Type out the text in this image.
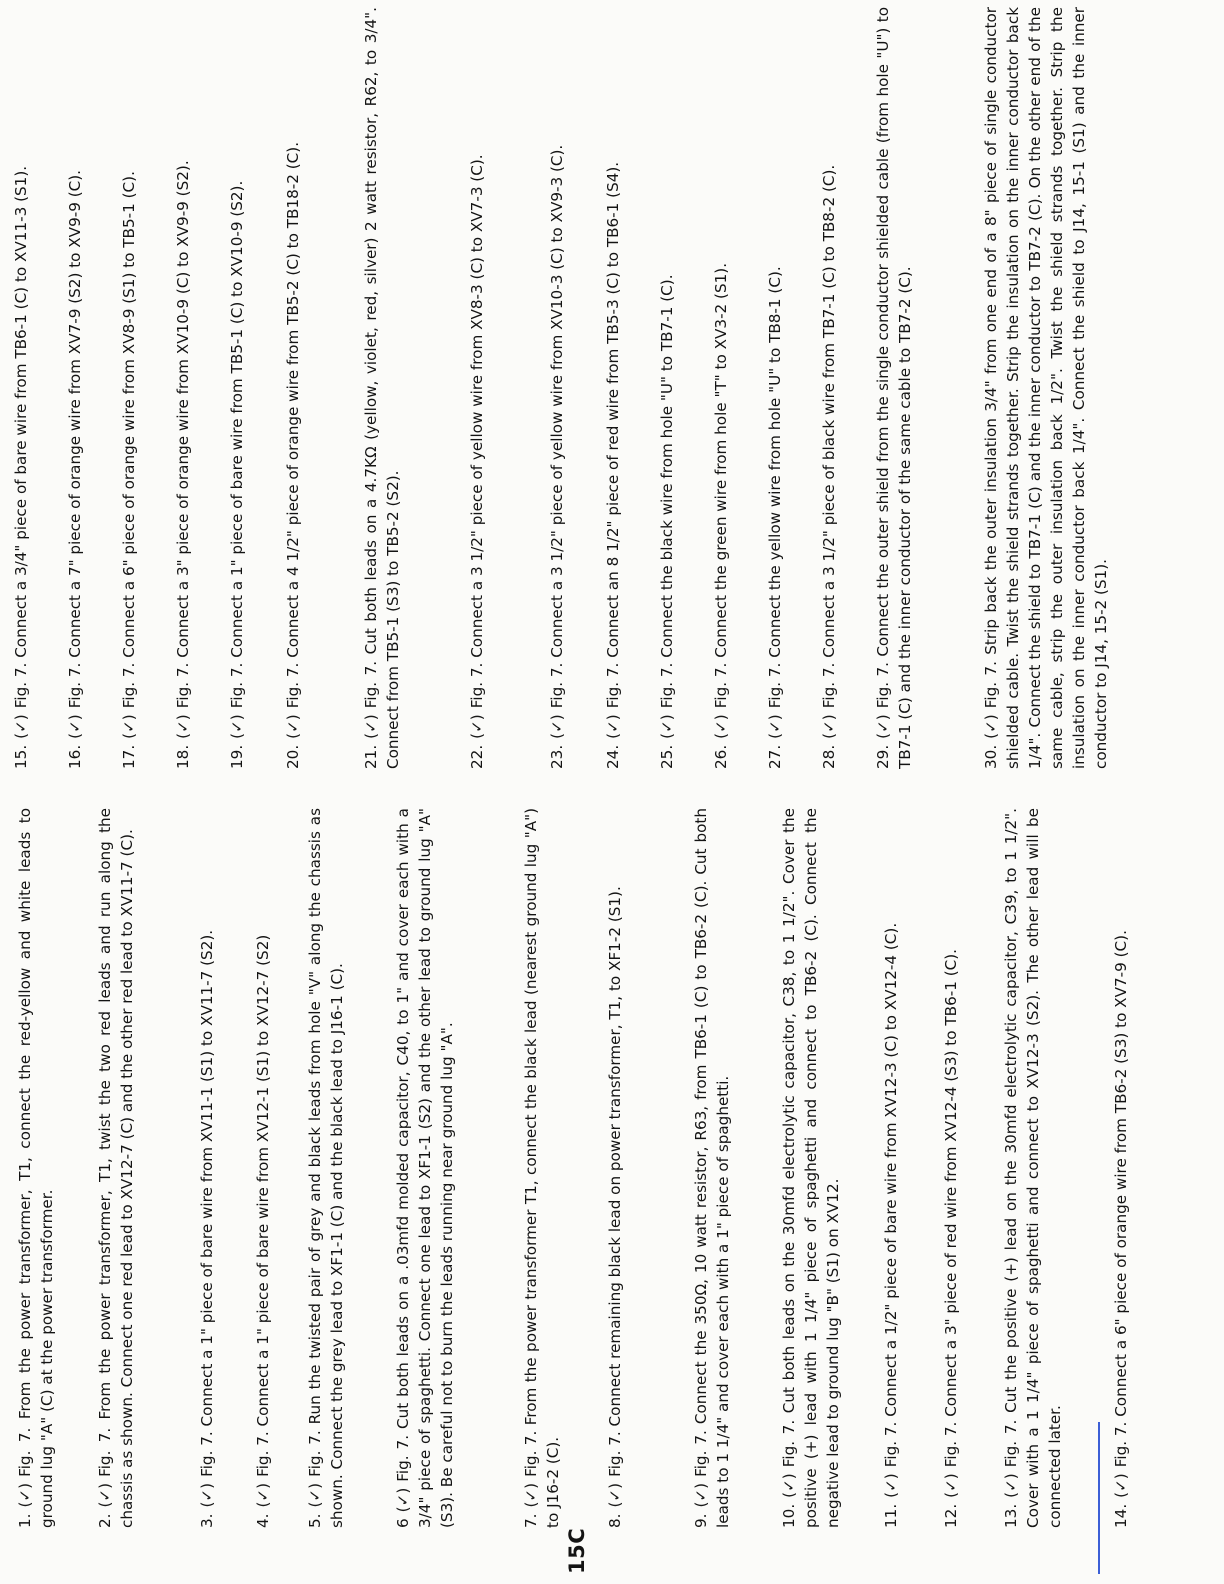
1.(✓)Fig. 7. From the power transformer, T1, connect the red-yellow and white leads to ground lug "A" (C) at the power transformer.	2.(✓)Fig. 7. From the power transformer, T1, twist the two red leads and run along the chassis as shown. Connect one red lead to XV12-7 (C) and the other red lead to XV11-7 (C).	3.(✓)Fig. 7. Connect a 1" piece of bare wire from XV11-1 (S1) to XV11-7 (S2).
4.(✓)Fig. 7. Connect a 1" piece of bare wire from XV12-1 (S1) to XV12-7 (S2)
5.(✓)Fig. 7. Run the twisted pair of grey and black leads from hole "V" along the chassis as shown. Connect the grey lead to XF1-1 (C) and the black lead to J16-1 (C).	6(✓)Fig. 7. Cut both leads on a .03mfd molded capacitor, C40, to 1" and cover each with a 3/4" piece of spaghetti. Connect one lead to XF1-1 (S2) and the other lead to ground lug "A" (S3). Be careful not to burn the leads running near ground lug "A".	7.(✓)Fig. 7. From the power transformer T1, connect the black lead (nearest ground lug "A") to J16-2 (C).	8.(✓)Fig. 7. Connect remaining black lead on power transformer, T1, to XF1-2 (S1).
9.(✓)Fig. 7. Connect the 350Ω, 10 watt resistor, R63, from TB6-1 (C) to TB6-2 (C). Cut both leads to 1 1/4" and cover each with a 1" piece of spaghetti.	10.(✓)Fig. 7. Cut both leads on the 30mfd electrolytic capacitor, C38, to 1 1/2". Cover the positive (+) lead with 1 1/4" piece of spaghetti and connect to TB6-2 (C). Connect the negative lead to ground lug "B" (S1) on XV12.	11.(✓)Fig. 7. Connect a 1/2" piece of bare wire from XV12-3 (C) to XV12-4 (C).
12.(✓)Fig. 7. Connect a 3" piece of red wire from XV12-4 (S3) to TB6-1 (C).
13.(✓)Fig. 7. Cut the positive (+) lead on the 30mfd electrolytic capacitor, C39, to 1 1/2". Cover with a 1 1/4" piece of spaghetti and connect to XV12-3 (S2). The other lead will be connected later.	14.(✓)Fig. 7. Connect a 6" piece of orange wire from TB6-2 (S3) to XV7-9 (C).
15C
15.(✓)Fig. 7. Connect a 3/4" piece of bare wire from TB6-1 (C) to XV11-3 (S1).
16.(✓)Fig. 7. Connect a 7" piece of orange wire from XV7-9 (S2) to XV9-9 (C).
17.(✓)Fig. 7. Connect a 6" piece of orange wire from XV8-9 (S1) to TB5-1 (C).
18.(✓)Fig. 7. Connect a 3" piece of orange wire from XV10-9 (C) to XV9-9 (S2).
19.(✓)Fig. 7. Connect a 1" piece of bare wire from TB5-1 (C) to XV10-9 (S2).
20.(✓)Fig. 7. Connect a 4 1/2" piece of orange wire from TB5-2 (C) to TB18-2 (C).
21.(✓)Fig. 7. Cut both leads on a 4.7KΩ (yellow, violet, red, silver) 2 watt resistor, R62, to 3/4". Connect from TB5-1 (S3) to TB5-2 (S2).	22.(✓)Fig. 7. Connect a 3 1/2" piece of yellow wire from XV8-3 (C) to XV7-3 (C).
23.(✓)Fig. 7. Connect a 3 1/2" piece of yellow wire from XV10-3 (C) to XV9-3 (C).
24.(✓)Fig. 7. Connect an 8 1/2" piece of red wire from TB5-3 (C) to TB6-1 (S4).
25.(✓)Fig. 7. Connect the black wire from hole "U" to TB7-1 (C).
26.(✓)Fig. 7. Connect the green wire from hole "T" to XV3-2 (S1).
27.(✓)Fig. 7. Connect the yellow wire from hole "U" to TB8-1 (C).
28.(✓)Fig. 7. Connect a 3 1/2" piece of black wire from TB7-1 (C) to TB8-2 (C).
29.(✓)Fig. 7. Connect the outer shield from the single conductor shielded cable (from hole "U") to TB7-1 (C) and the inner conductor of the same cable to TB7-2 (C).	30.(✓)Fig. 7. Strip back the outer insulation 3/4" from one end of a 8" piece of single conductor shielded cable. Twist the shield strands together. Strip the insulation on the inner conductor back 1/4". Connect the shield to TB7-1 (C) and the inner conductor to TB7-2 (C). On the other end of the same cable, strip the outer insulation back 1/2". Twist the shield strands together. Strip the insulation on the inner conductor back 1/4". Connect the shield to J14, 15-1 (S1) and the inner conductor to J14, 15-2 (S1).
